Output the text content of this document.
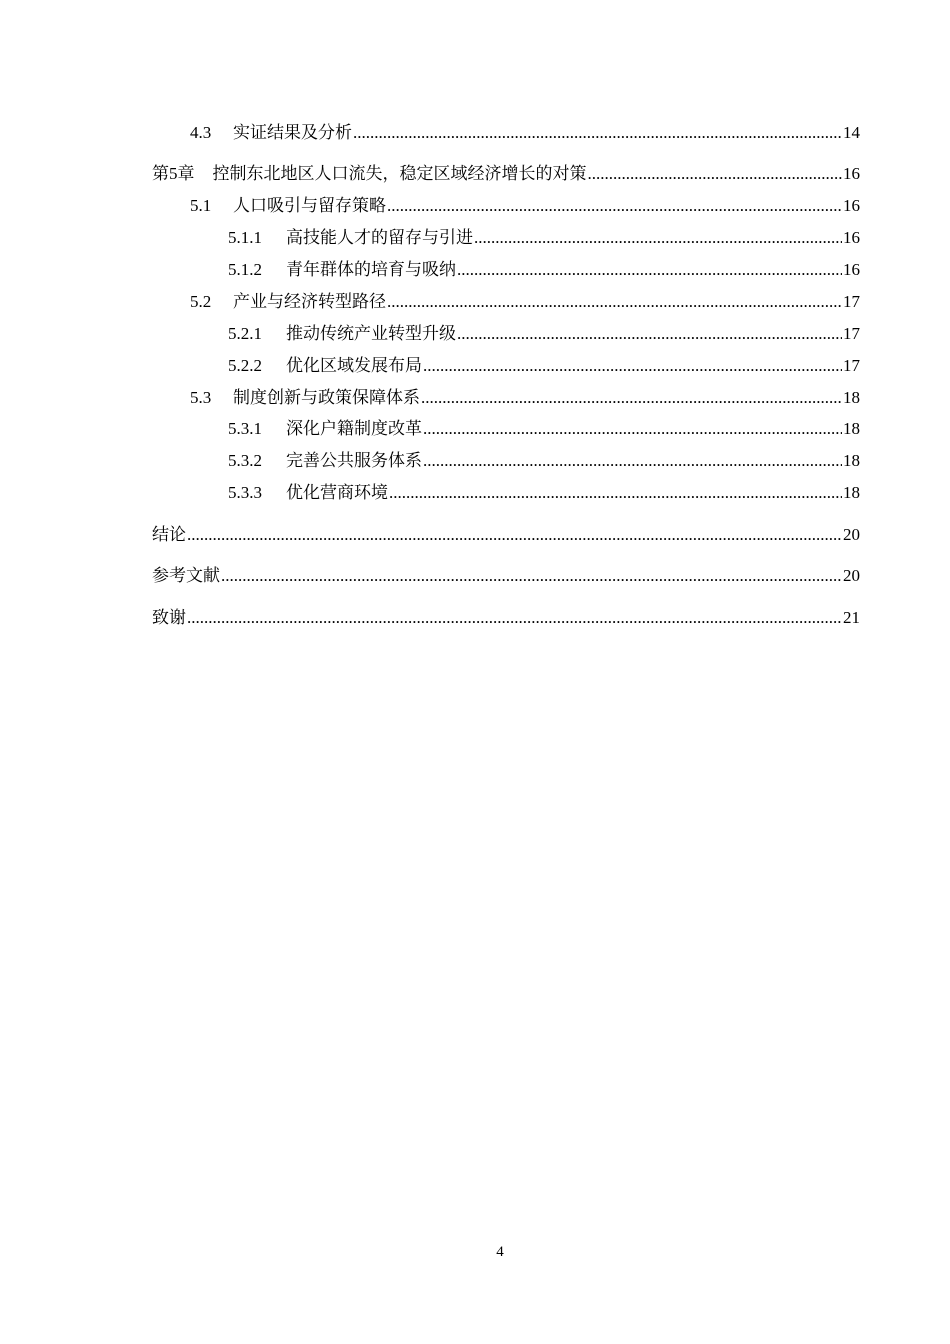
4.3	实证结果及分析 .....	14
第5章 控制东北地区人口流失，稳定区域经济增长的对策 .....	16
5.1	人口吸引与留存策略 .....	16
5.1.1	高技能人才的留存与引进 .....	16
5.1.2	青年群体的培育与吸纳 .....	16
5.2	产业与经济转型路径 .....	17
5.2.1	推动传统产业转型升级 .....	17
5.2.2	优化区域发展布局 .....	17
5.3	制度创新与政策保障体系 .....	18
5.3.1	深化户籍制度改革 .....	18
5.3.2	完善公共服务体系 .....	18
5.3.3	优化营商环境 .....	18
结论 .....	20
参考文献 .....	20
致谢 .....	21
4
